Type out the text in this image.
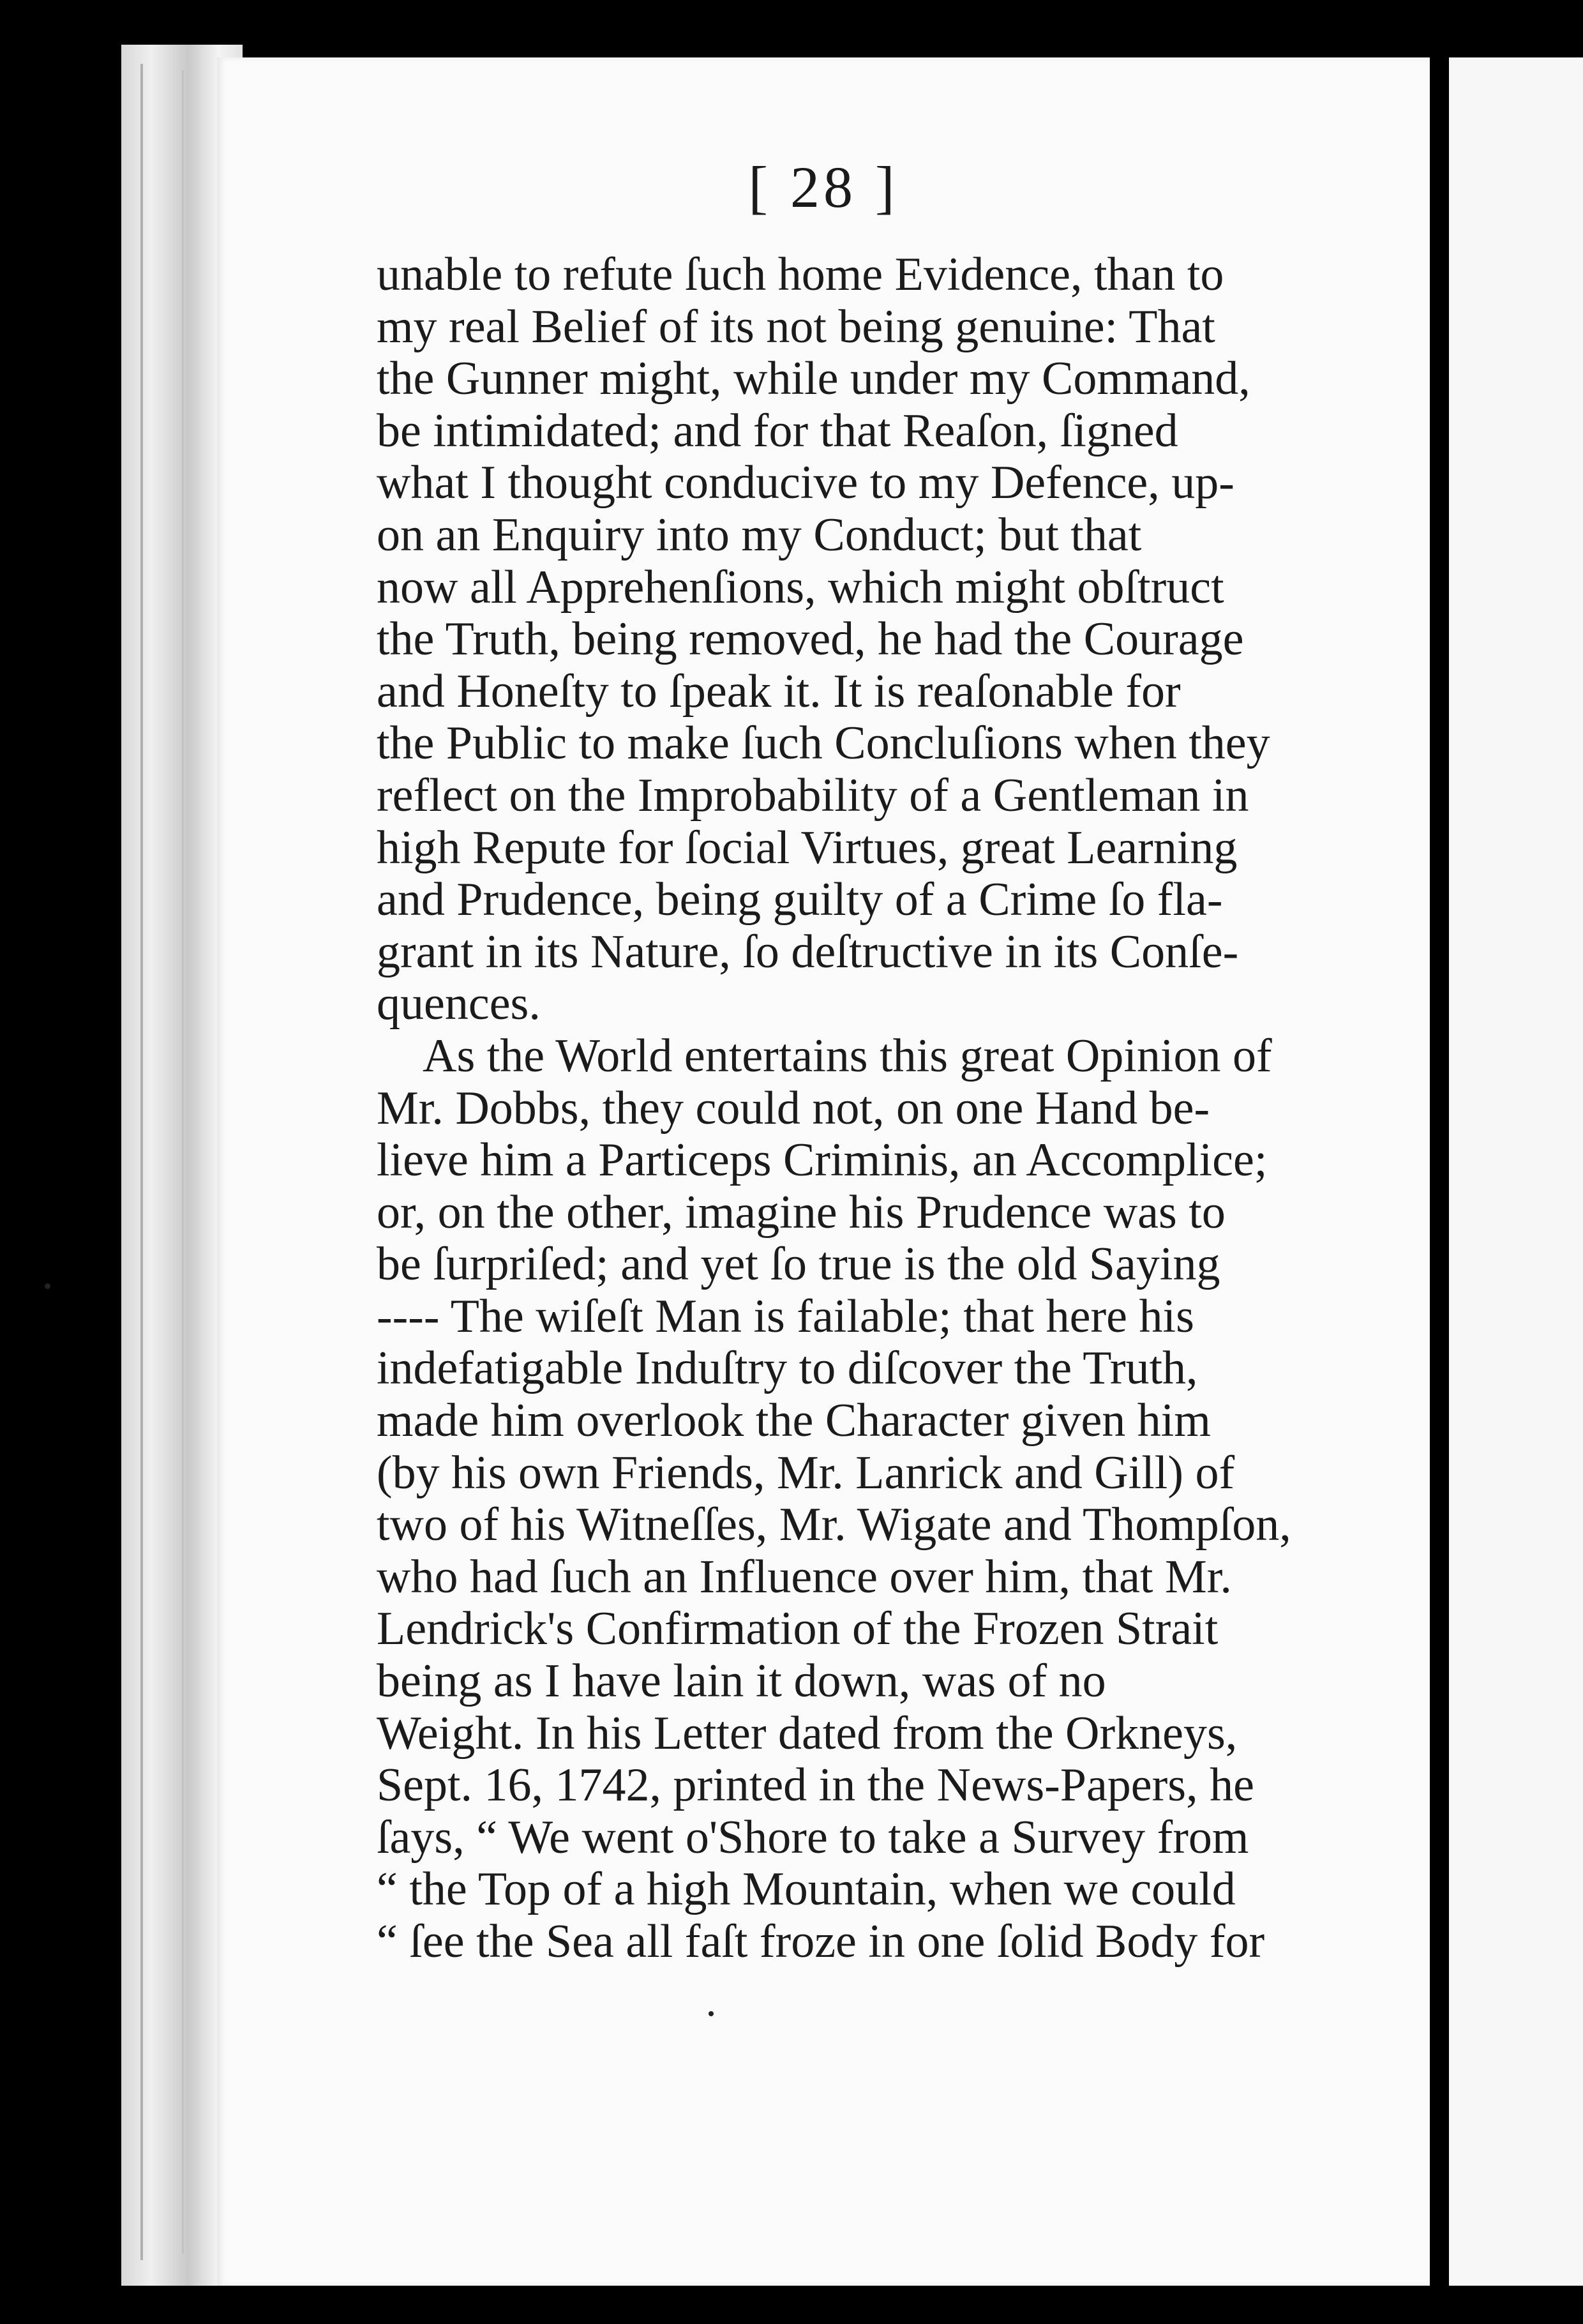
[ 28 ]
unable to refute ſuch home Evidence, than to
my real Belief of its not being genuine: That
the Gunner might, while under my Command,
be intimidated; and for that Reaſon, ſigned
what I thought conducive to my Defence, up-
on an Enquiry into my Conduct; but that
now all Apprehenſions, which might obſtruct
the Truth, being removed, he had the Courage
and Honeſty to ſpeak it. It is reaſonable for
the Public to make ſuch Concluſions when they
reflect on the Improbability of a Gentleman in
high Repute for ſocial Virtues, great Learning
and Prudence, being guilty of a Crime ſo fla-
grant in its Nature, ſo deſtructive in its Conſe-
quences.
As the World entertains this great Opinion of
Mr. Dobbs, they could not, on one Hand be-
lieve him a Particeps Criminis, an Accomplice;
or, on the other, imagine his Prudence was to
be ſurpriſed; and yet ſo true is the old Saying
---- The wiſeſt Man is failable; that here his
indefatigable Induſtry to diſcover the Truth,
made him overlook the Character given him
(by his own Friends, Mr. Lanrick and Gill) of
two of his Witneſſes, Mr. Wigate and Thompſon,
who had ſuch an Influence over him, that Mr.
Lendrick's Confirmation of the Frozen Strait
being as I have lain it down, was of no
Weight. In his Letter dated from the Orkneys,
Sept. 16, 1742, printed in the News-Papers, he
ſays, “ We went o'Shore to take a Survey from
“ the Top of a high Mountain, when we could
“ ſee the Sea all faſt froze in one ſolid Body for
